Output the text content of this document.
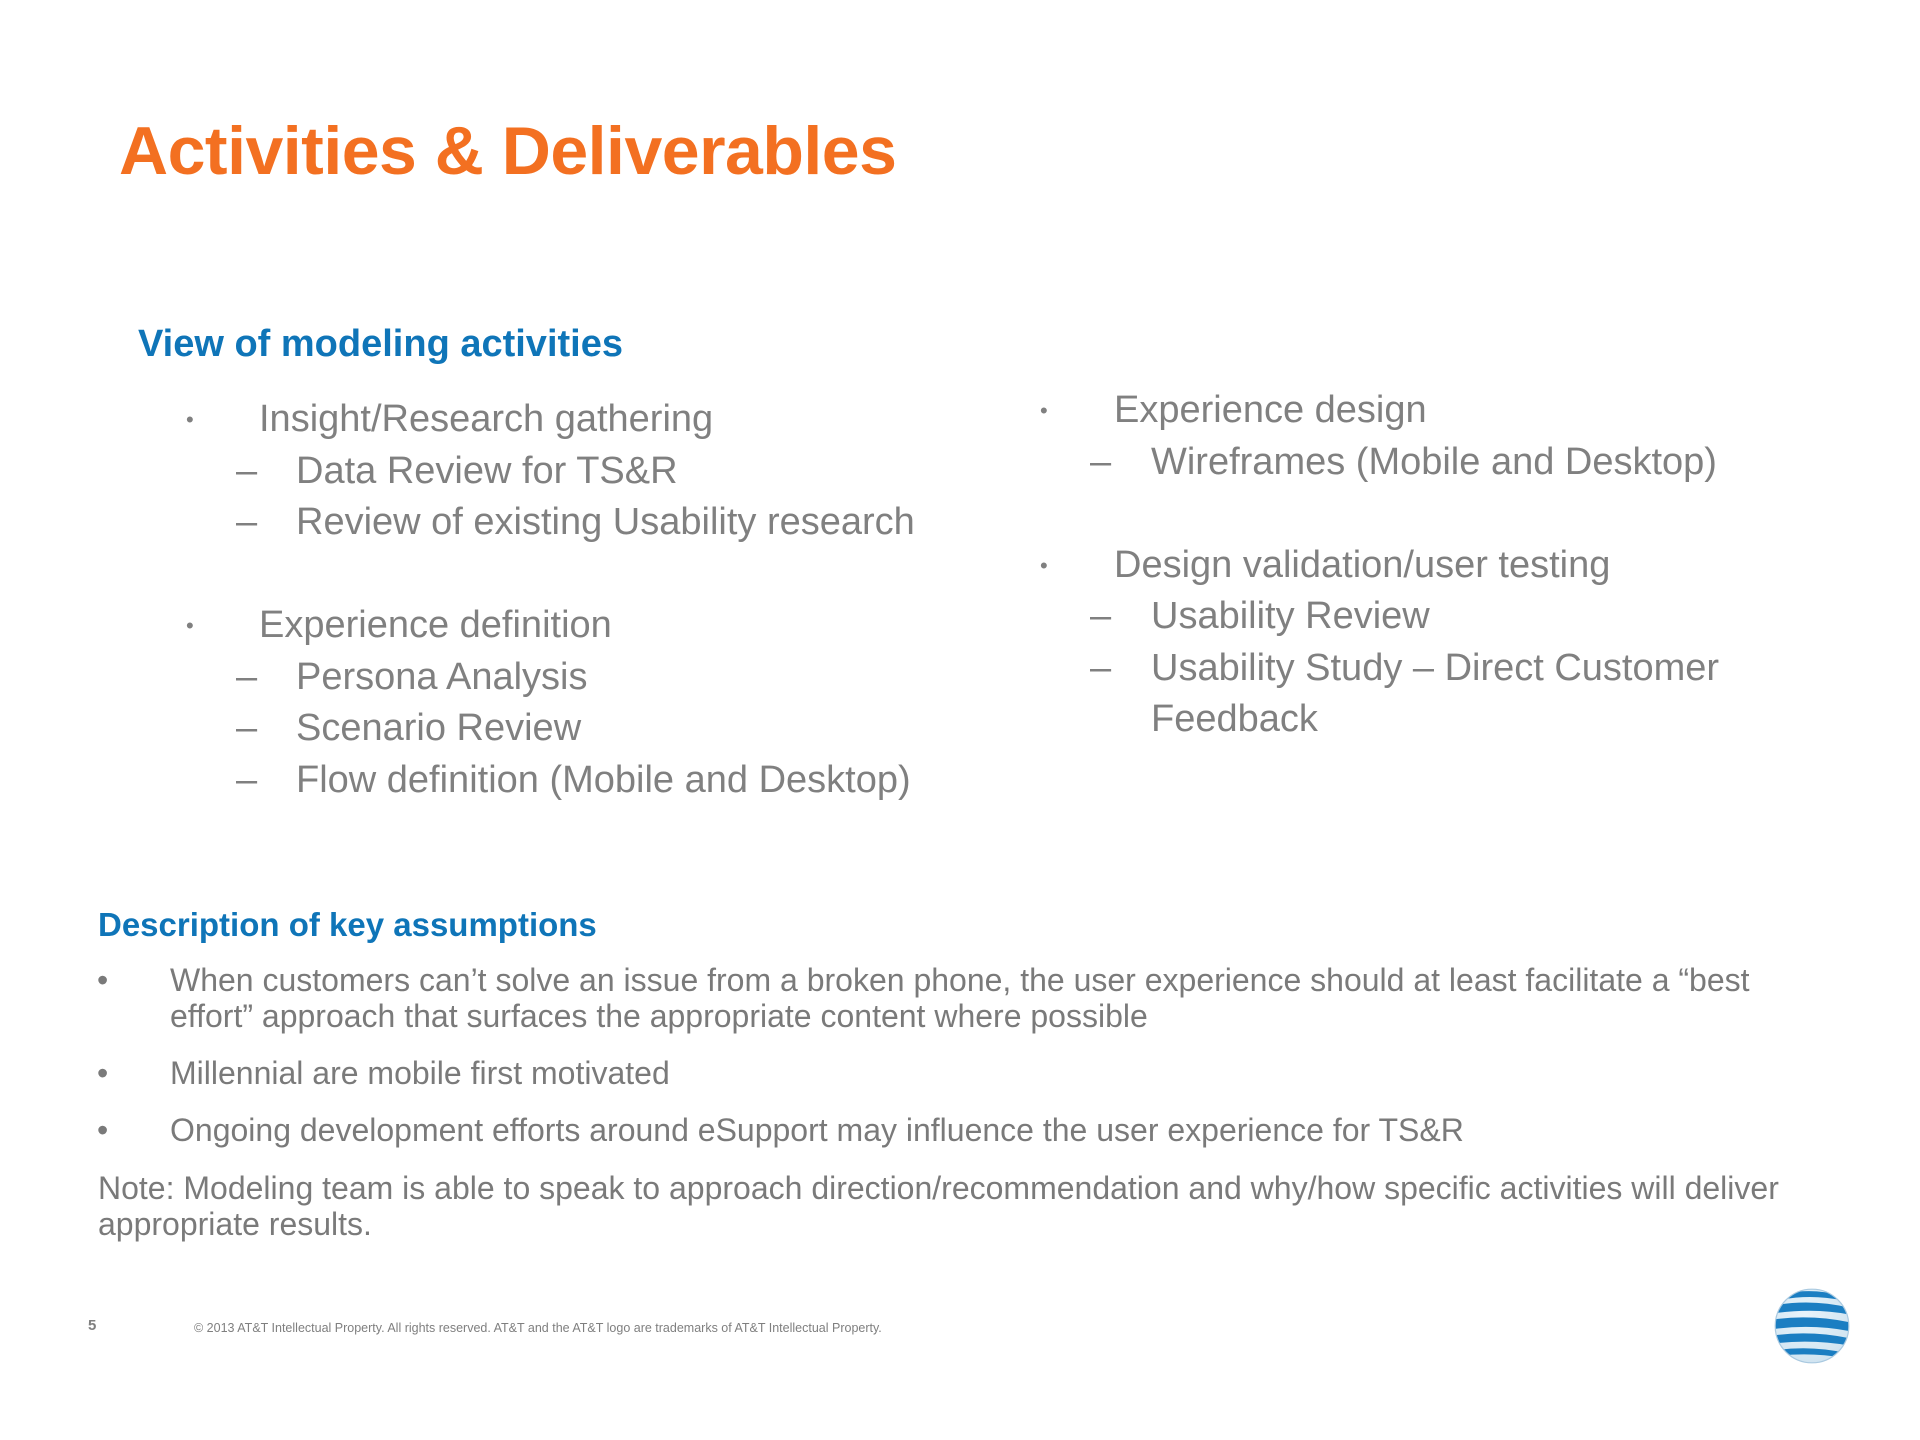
Activities & Deliverables
View of modeling activities
• Insight/Research gathering
– Data Review for TS&R
– Review of existing Usability research
• Experience definition
– Persona Analysis
– Scenario Review
– Flow definition (Mobile and Desktop)
• Experience design
– Wireframes (Mobile and Desktop)
• Design validation/user testing
– Usability Review
– Usability Study – Direct Customer
Feedback
Description of key assumptions
• When customers can’t solve an issue from a broken phone, the user experience should at least facilitate a “best effort” approach that surfaces the appropriate content where possible
• Millennial are mobile first motivated
• Ongoing development efforts around eSupport may influence the user experience for TS&R
Note: Modeling team is able to speak to approach direction/recommendation and why/how specific activities will deliver appropriate results.
5	© 2013 AT&T Intellectual Property. All rights reserved. AT&T and the AT&T logo are trademarks of AT&T Intellectual Property.
